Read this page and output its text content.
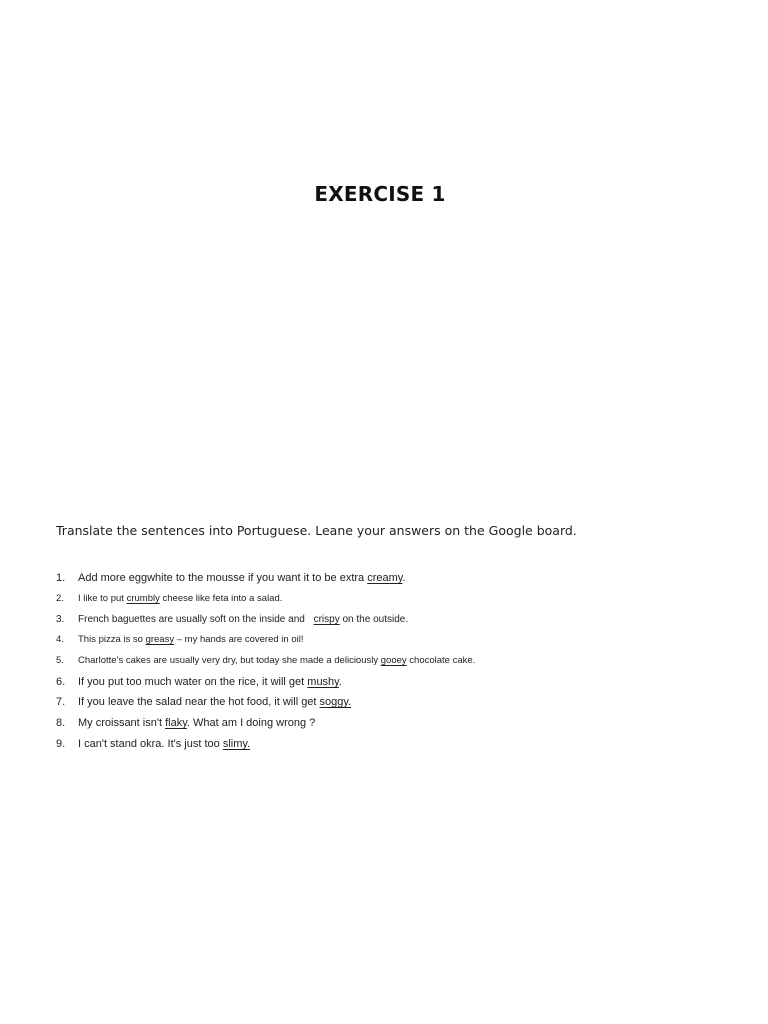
EXERCISE 1
Translate the sentences into Portuguese. Leane your answers on the Google board.
1. Add more eggwhite to the mousse if you want it to be extra creamy.
2. I like to put crumbly cheese like feta into a salad.
3. French baguettes are usually soft on the inside and crispy on the outside.
4. This pizza is so greasy – my hands are covered in oil!
5. Charlotte’s cakes are usually very dry, but today she made a deliciously gooey chocolate cake.
6. If you put too much water on the rice, it will get mushy.
7. If you leave the salad near the hot food, it will get soggy.
8. My croissant isn't flaky. What am I doing wrong ?
9. I can't stand okra. It's just too slimy.
